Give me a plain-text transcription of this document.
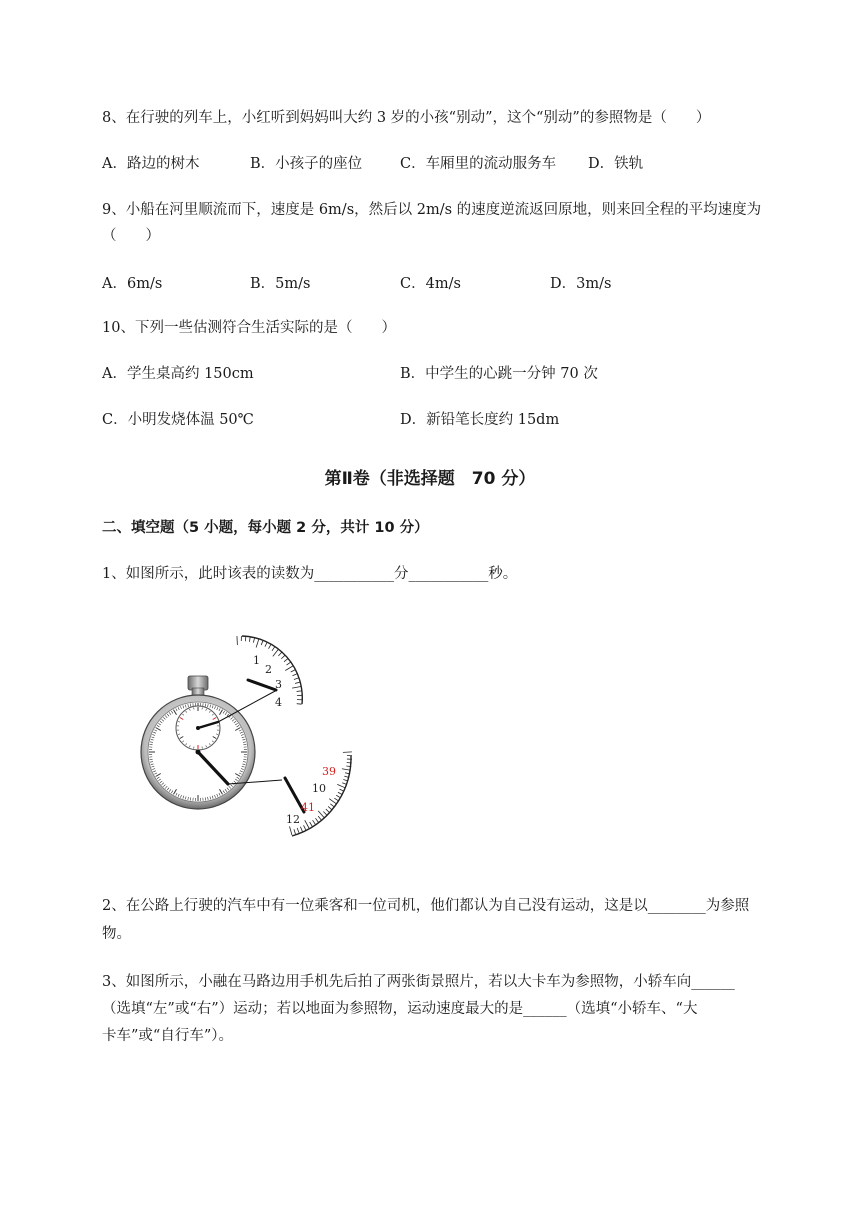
8、在行驶的列车上，小红听到妈妈叫大约 3 岁的小孩“别动”，这个“别动”的参照物是（　　）
A．路边的树木	B．小孩子的座位	C．车厢里的流动服务车 D．铁轨
9、小船在河里顺流而下，速度是 6m/s，然后以 2m/s 的速度逆流返回原地，则来回全程的平均速度为
（　　）
A．6m/s	B．5m/s	C．4m/s	D．3m/s
10、下列一些估测符合生活实际的是（　　）
A．学生桌高约 150cm	B．中学生的心跳一分钟 70 次
C．小明发烧体温 50℃	D．新铅笔长度约 15dm
第Ⅱ卷（非选择题　70 分）
二、填空题（5 小题，每小题 2 分，共计 10 分）
1、如图所示，此时该表的读数为___________分___________秒。
1
2
3
4
39
10
41
12
2、在公路上行驶的汽车中有一位乘客和一位司机，他们都认为自己没有运动，这是以________为参照
物。
3、如图所示，小融在马路边用手机先后拍了两张街景照片，若以大卡车为参照物，小轿车向______
（选填“左”或“右”）运动；若以地面为参照物，运动速度最大的是______（选填“小轿车、“大
卡车”或“自行车”）。
